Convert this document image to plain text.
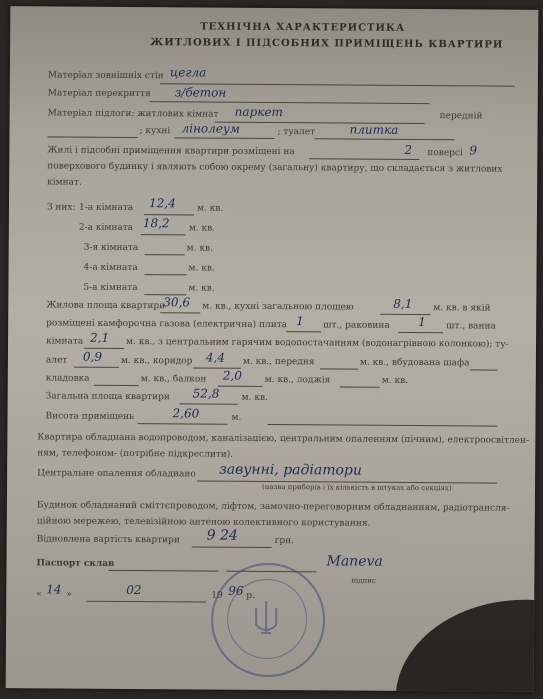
ТЕХНІЧНА ХАРАКТЕРИСТИКА
ЖИТЛОВИХ І ПІДСОБНИХ ПРИМІЩЕНЬ КВАРТИРИ
Матеріал зовнішніх стін цегла
Матеріал перекриття з/бетон
Матеріал підлоги: житлових кімнат паркет	передній
; кухні лінолеум	; туалет	плитка
Жилі і підсобні приміщення квартири розміщені на	2 поверсі 9
поверхового будинку і являють собою окрему (загальну) квартиру, що складається з житлових
кімнат.
З них: 1-а кімната 12,4 м. кв.
2-а кімната 18,2 м. кв.
3-я кімната	м. кв.
4-а кімната	м. кв.
5-а кімната	м. кв.
Жилова площа квартири
30,6 м. кв., кухні загальною площею	8,1 м. кв. в якій
розміщені камфорочна газова (електрична) плита 1 шт., раковина 1 шт., ванна
кімната 2,1 м. кв., з центральним гарячим водопостачанням (водонагрівною колонкою); ту-
алет 0,9 м. кв., коридор 4,4 м. кв., передня	м. кв., вбудована шафа
кладовка	м. кв., балкон 2,0	м. кв., лоджія	м. кв.
Загальна площа квартири 52,8 м. кв.
Висота приміщень	2,60	м.
Квартира обладнана водопроводом, каналізацією, центральним опаленням (пічним), електроосвітлен-
ням, телефоном- (потрібне підкреслити).
Центральне опалення обладнано завунні, радіатори
(назва приборів і їх кількість в штуках або секціях)
Будинок обладнаний сміттєпроводом, ліфтом, замочно-переговорним обладнанням, радіотрансля-
ційною мережею, телевізійною антеною колективного користування.
Відновлена вартість квартири 9 24	грн.
Паспорт склав	Maneva
підпис
« 14 »	02	19 96 р.
